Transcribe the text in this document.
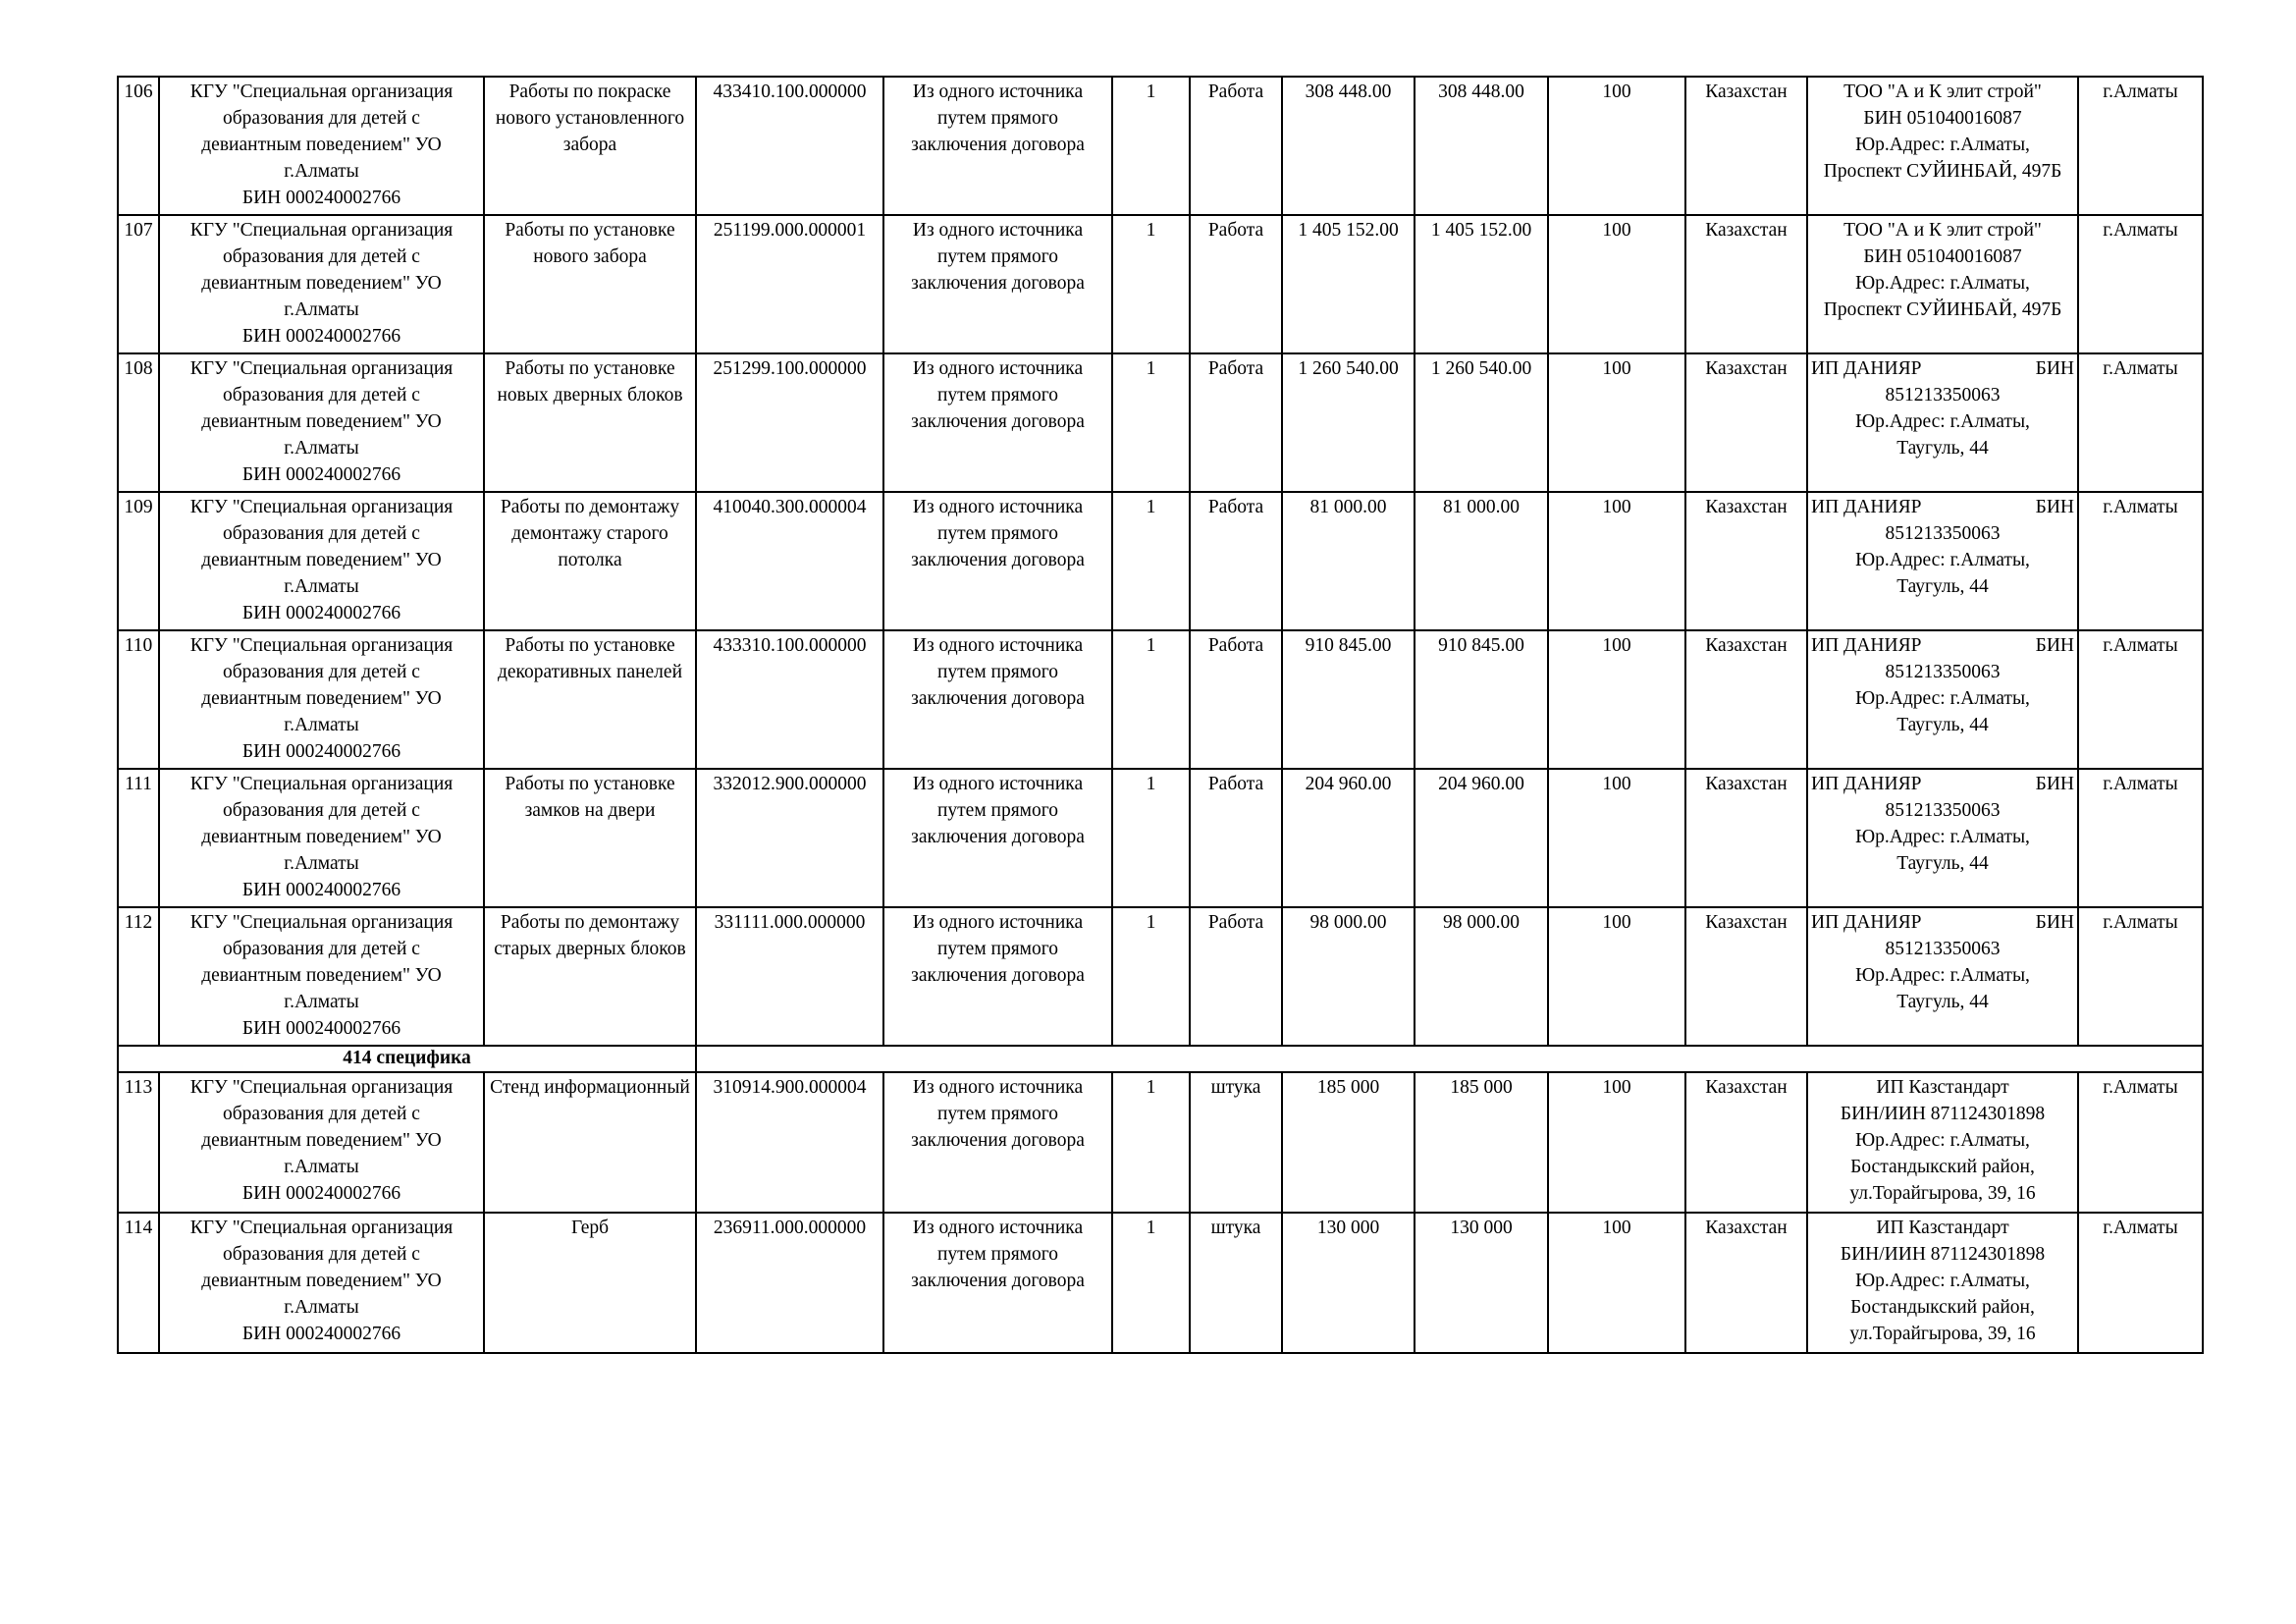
106	КГУ "Специальная организация
образования для детей с
девиантным поведением" УО
г.Алматы
БИН 000240002766	Работы по покраске нового установленного забора	433410.100.000000	Из одного источника путем прямого заключения договора	1	Работа	308 448.00	308 448.00	100	Казахстан	ТОО "А и К элит строй"
БИН 051040016087
Юр.Адрес: г.Алматы,
Проспект СУЙИНБАЙ, 497Б	г.Алматы
107	КГУ "Специальная организация
образования для детей с
девиантным поведением" УО
г.Алматы
БИН 000240002766	Работы по установке нового забора	251199.000.000001	Из одного источника путем прямого заключения договора	1	Работа	1 405 152.00	1 405 152.00	100	Казахстан	ТОО "А и К элит строй"
БИН 051040016087
Юр.Адрес: г.Алматы,
Проспект СУЙИНБАЙ, 497Б	г.Алматы
108	КГУ "Специальная организация
образования для детей с
девиантным поведением" УО
г.Алматы
БИН 000240002766	Работы по установке новых дверных блоков	251299.100.000000	Из одного источника путем прямого заключения договора	1	Работа	1 260 540.00	1 260 540.00	100	Казахстан	ИП ДАНИЯР БИН
851213350063
Юр.Адрес: г.Алматы,
Таугуль, 44	г.Алматы
109	КГУ "Специальная организация
образования для детей с
девиантным поведением" УО
г.Алматы
БИН 000240002766	Работы по демонтажу демонтажу старого потолка	410040.300.000004	Из одного источника путем прямого заключения договора	1	Работа	81 000.00	81 000.00	100	Казахстан	ИП ДАНИЯР БИН
851213350063
Юр.Адрес: г.Алматы,
Таугуль, 44	г.Алматы
110	КГУ "Специальная организация
образования для детей с
девиантным поведением" УО
г.Алматы
БИН 000240002766	Работы по установке декоративных панелей	433310.100.000000	Из одного источника путем прямого заключения договора	1	Работа	910 845.00	910 845.00	100	Казахстан	ИП ДАНИЯР БИН
851213350063
Юр.Адрес: г.Алматы,
Таугуль, 44	г.Алматы
111	КГУ "Специальная организация
образования для детей с
девиантным поведением" УО
г.Алматы
БИН 000240002766	Работы по установке замков на двери	332012.900.000000	Из одного источника путем прямого заключения договора	1	Работа	204 960.00	204 960.00	100	Казахстан	ИП ДАНИЯР БИН
851213350063
Юр.Адрес: г.Алматы,
Таугуль, 44	г.Алматы
112	КГУ "Специальная организация
образования для детей с
девиантным поведением" УО
г.Алматы
БИН 000240002766	Работы по демонтажу старых дверных блоков	331111.000.000000	Из одного источника путем прямого заключения договора	1	Работа	98 000.00	98 000.00	100	Казахстан	ИП ДАНИЯР БИН
851213350063
Юр.Адрес: г.Алматы,
Таугуль, 44	г.Алматы
414 специфика												
113	КГУ "Специальная организация
образования для детей с
девиантным поведением" УО
г.Алматы
БИН 000240002766	Стенд информационный	310914.900.000004	Из одного источника путем прямого заключения договора	1	штука	185 000	185 000	100	Казахстан	ИП Казстандарт
БИН/ИИН 871124301898
Юр.Адрес: г.Алматы,
Бостандыкский район,
ул.Торайгырова, 39, 16	г.Алматы
114	КГУ "Специальная организация
образования для детей с
девиантным поведением" УО
г.Алматы
БИН 000240002766	Герб	236911.000.000000	Из одного источника путем прямого заключения договора	1	штука	130 000	130 000	100	Казахстан	ИП Казстандарт
БИН/ИИН 871124301898
Юр.Адрес: г.Алматы,
Бостандыкский район,
ул.Торайгырова, 39, 16	г.Алматы
